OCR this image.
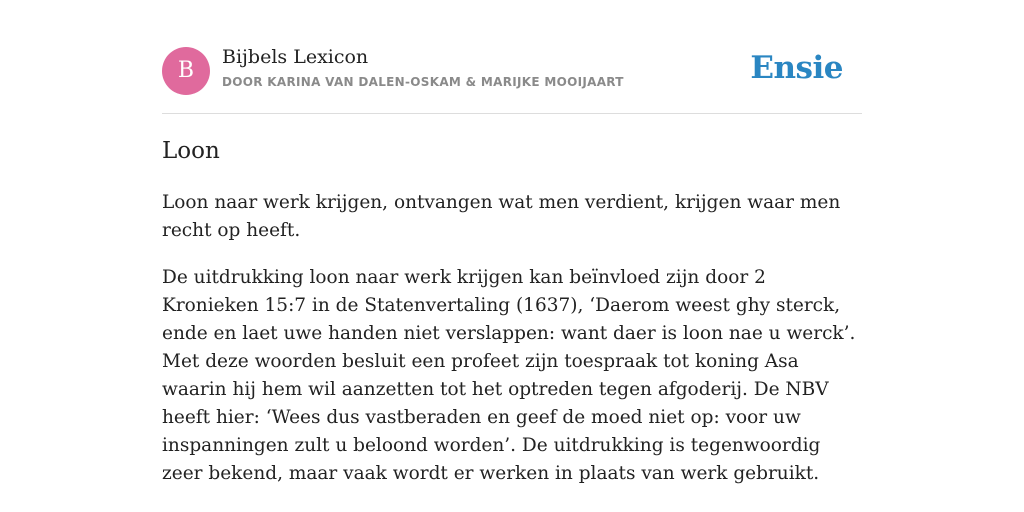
B
Bijbels Lexicon
DOOR KARINA VAN DALEN-OSKAM & MARIJKE MOOIJAART	Ensie
Loon

Loon naar werk krijgen, ontvangen wat men verdient, krijgen waar men recht op heeft.

De uitdrukking loon naar werk krijgen kan beïnvloed zijn door 2 Kronieken 15:7 in de Statenvertaling (1637), ‘Daerom weest ghy sterck, ende en laet uwe handen niet verslappen: want daer is loon nae u werck’. Met deze woorden besluit een profeet zijn toespraak tot koning Asa waarin hij hem wil aanzetten tot het optreden tegen afgoderij. De NBV heeft hier: ‘Wees dus vastberaden en geef de moed niet op: voor uw inspanningen zult u beloond worden’. De uitdrukking is tegenwoordig zeer bekend, maar vaak wordt er werken in plaats van werk gebruikt.
